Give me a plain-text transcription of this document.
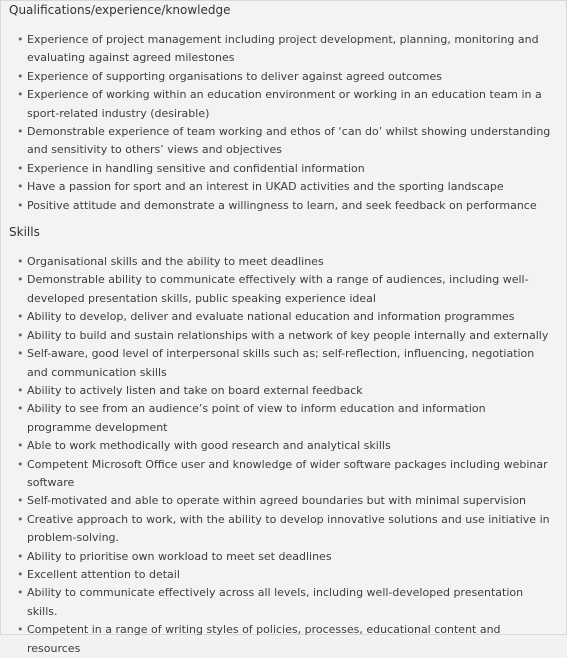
Qualifications/experience/knowledge
• Experience of project management including project development, planning, monitoring and evaluating against agreed milestones
• Experience of supporting organisations to deliver against agreed outcomes
• Experience of working within an education environment or working in an education team in a sport-related industry (desirable)
• Demonstrable experience of team working and ethos of ‘can do’ whilst showing understanding and sensitivity to others’ views and objectives
• Experience in handling sensitive and confidential information
• Have a passion for sport and an interest in UKAD activities and the sporting landscape
• Positive attitude and demonstrate a willingness to learn, and seek feedback on performance
Skills
• Organisational skills and the ability to meet deadlines
• Demonstrable ability to communicate effectively with a range of audiences, including well-developed presentation skills, public speaking experience ideal
• Ability to develop, deliver and evaluate national education and information programmes
• Ability to build and sustain relationships with a network of key people internally and externally
• Self-aware, good level of interpersonal skills such as; self-reflection, influencing, negotiation and communication skills
• Ability to actively listen and take on board external feedback
• Ability to see from an audience’s point of view to inform education and information programme development
• Able to work methodically with good research and analytical skills
• Competent Microsoft Office user and knowledge of wider software packages including webinar software
• Self-motivated and able to operate within agreed boundaries but with minimal supervision
• Creative approach to work, with the ability to develop innovative solutions and use initiative in problem-solving.
• Ability to prioritise own workload to meet set deadlines
• Excellent attention to detail
• Ability to communicate effectively across all levels, including well-developed presentation skills.
• Competent in a range of writing styles of policies, processes, educational content and resources
